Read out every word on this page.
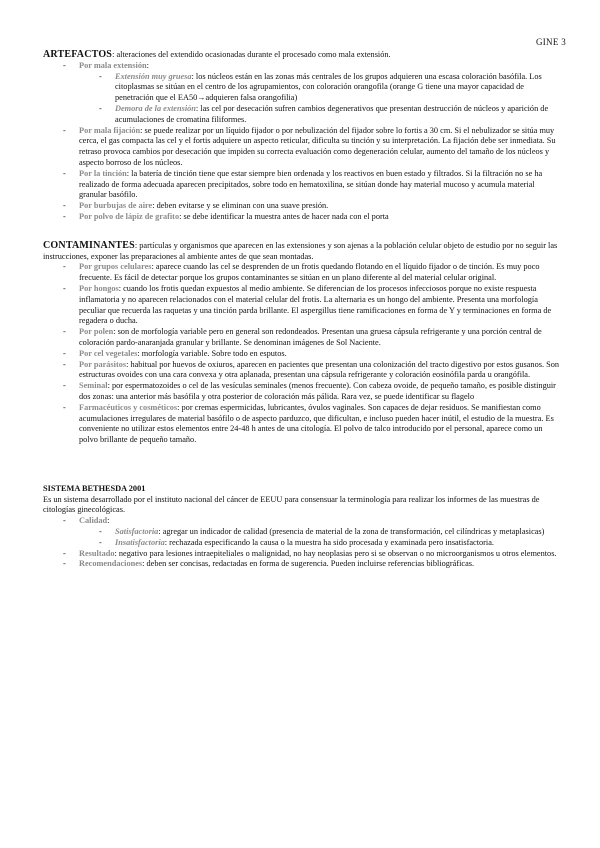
GINE 3

ARTEFACTOS: alteraciones del extendido ocasionadas durante el procesado como mala extensión.

- Por mala extensión:
- Extensión muy gruesa: los núcleos están en las zonas más centrales de los grupos adquieren una escasa coloración basófila. Los citoplasmas se sitúan en el centro de los agrupamientos, con coloración orangofila (orange G tiene una mayor capacidad de penetración que el EA50→adquieren falsa orangofilia)
- Demora de la extensión: las cel por desecación sufren cambios degenerativos que presentan destrucción de núcleos y aparición de acumulaciones de cromatina filiformes.
- Por mala fijación: se puede realizar por un líquido fijador o por nebulización del fijador sobre lo fortis a 30 cm. Si el nebulizador se sitúa muy cerca, el gas compacta las cel y el fortis adquiere un aspecto reticular, dificulta su tinción y su interpretación. La fijación debe ser inmediata. Su retraso provoca cambios por desecación que impiden su correcta evaluación como degeneración celular, aumento del tamaño de los núcleos y aspecto borroso de los núcleos.
- Por la tinción: la batería de tinción tiene que estar siempre bien ordenada y los reactivos en buen estado y filtrados. Si la filtración no se ha realizado de forma adecuada aparecen precipitados, sobre todo en hematoxilina, se sitúan donde hay material mucoso y acumula material granular basófilo.
- Por burbujas de aire: deben evitarse y se eliminan con una suave presión.
- Por polvo de lápiz de grafito: se debe identificar la muestra antes de hacer nada con el porta

CONTAMINANTES: partículas y organismos que aparecen en las extensiones y son ajenas a la población celular objeto de estudio por no seguir las instrucciones, exponer las preparaciones al ambiente antes de que sean montadas.

- Por grupos celulares: aparece cuando las cel se desprenden de un frotis quedando flotando en el líquido fijador o de tinción. Es muy poco frecuente. Es fácil de detectar porque los grupos contaminantes se sitúan en un plano diferente al del material celular original.
- Por hongos: cuando los frotis quedan expuestos al medio ambiente. Se diferencian de los procesos infecciosos porque no existe respuesta inflamatoria y no aparecen relacionados con el material celular del frotis. La alternaria es un hongo del ambiente. Presenta una morfología peculiar que recuerda las raquetas y una tinción parda brillante. El aspergillus tiene ramificaciones en forma de Y y terminaciones en forma de regadera o ducha.
- Por polen: son de morfología variable pero en general son redondeados. Presentan una gruesa cápsula refrigerante y una porción central de coloración pardo-anaranjada granular y brillante. Se denominan imágenes de Sol Naciente.
- Por cel vegetales: morfología variable. Sobre todo en esputos.
- Por parásitos: habitual por huevos de oxiuros, aparecen en pacientes que presentan una colonización del tracto digestivo por estos gusanos. Son estructuras ovoides con una cara convexa y otra aplanada, presentan una cápsula refrigerante y coloración eosinófila parda u orangófila.
- Seminal: por espermatozoides o cel de las vesículas seminales (menos frecuente). Con cabeza ovoide, de pequeño tamaño, es posible distinguir dos zonas: una anterior más basófila y otra posterior de coloración más pálida. Rara vez, se puede identificar su flagelo
- Farmacéuticos y cosméticos: por cremas espermicidas, lubricantes, óvulos vaginales. Son capaces de dejar residuos. Se manifiestan como acumulaciones irregulares de material basófilo o de aspecto parduzco, que dificultan, e incluso pueden hacer inútil, el estudio de la muestra. Es conveniente no utilizar estos elementos entre 24-48 h antes de una citología. El polvo de talco introducido por el personal, aparece como un polvo brillante de pequeño tamaño.

SISTEMA BETHESDA 2001

Es un sistema desarrollado por el instituto nacional del cáncer de EEUU para consensuar la terminología para realizar los informes de las muestras de citologías ginecológicas.

- Calidad:
- Satisfactoria: agregar un indicador de calidad (presencia de material de la zona de transformación, cel cilíndricas y metaplasicas)
- Insatisfactoria: rechazada especificando la causa o la muestra ha sido procesada y examinada pero insatisfactoria.
- Resultado: negativo para lesiones intraepiteliales o malignidad, no hay neoplasias pero si se observan o no microorganismos u otros elementos.
- Recomendaciones: deben ser concisas, redactadas en forma de sugerencia. Pueden incluirse referencias bibliográficas.
